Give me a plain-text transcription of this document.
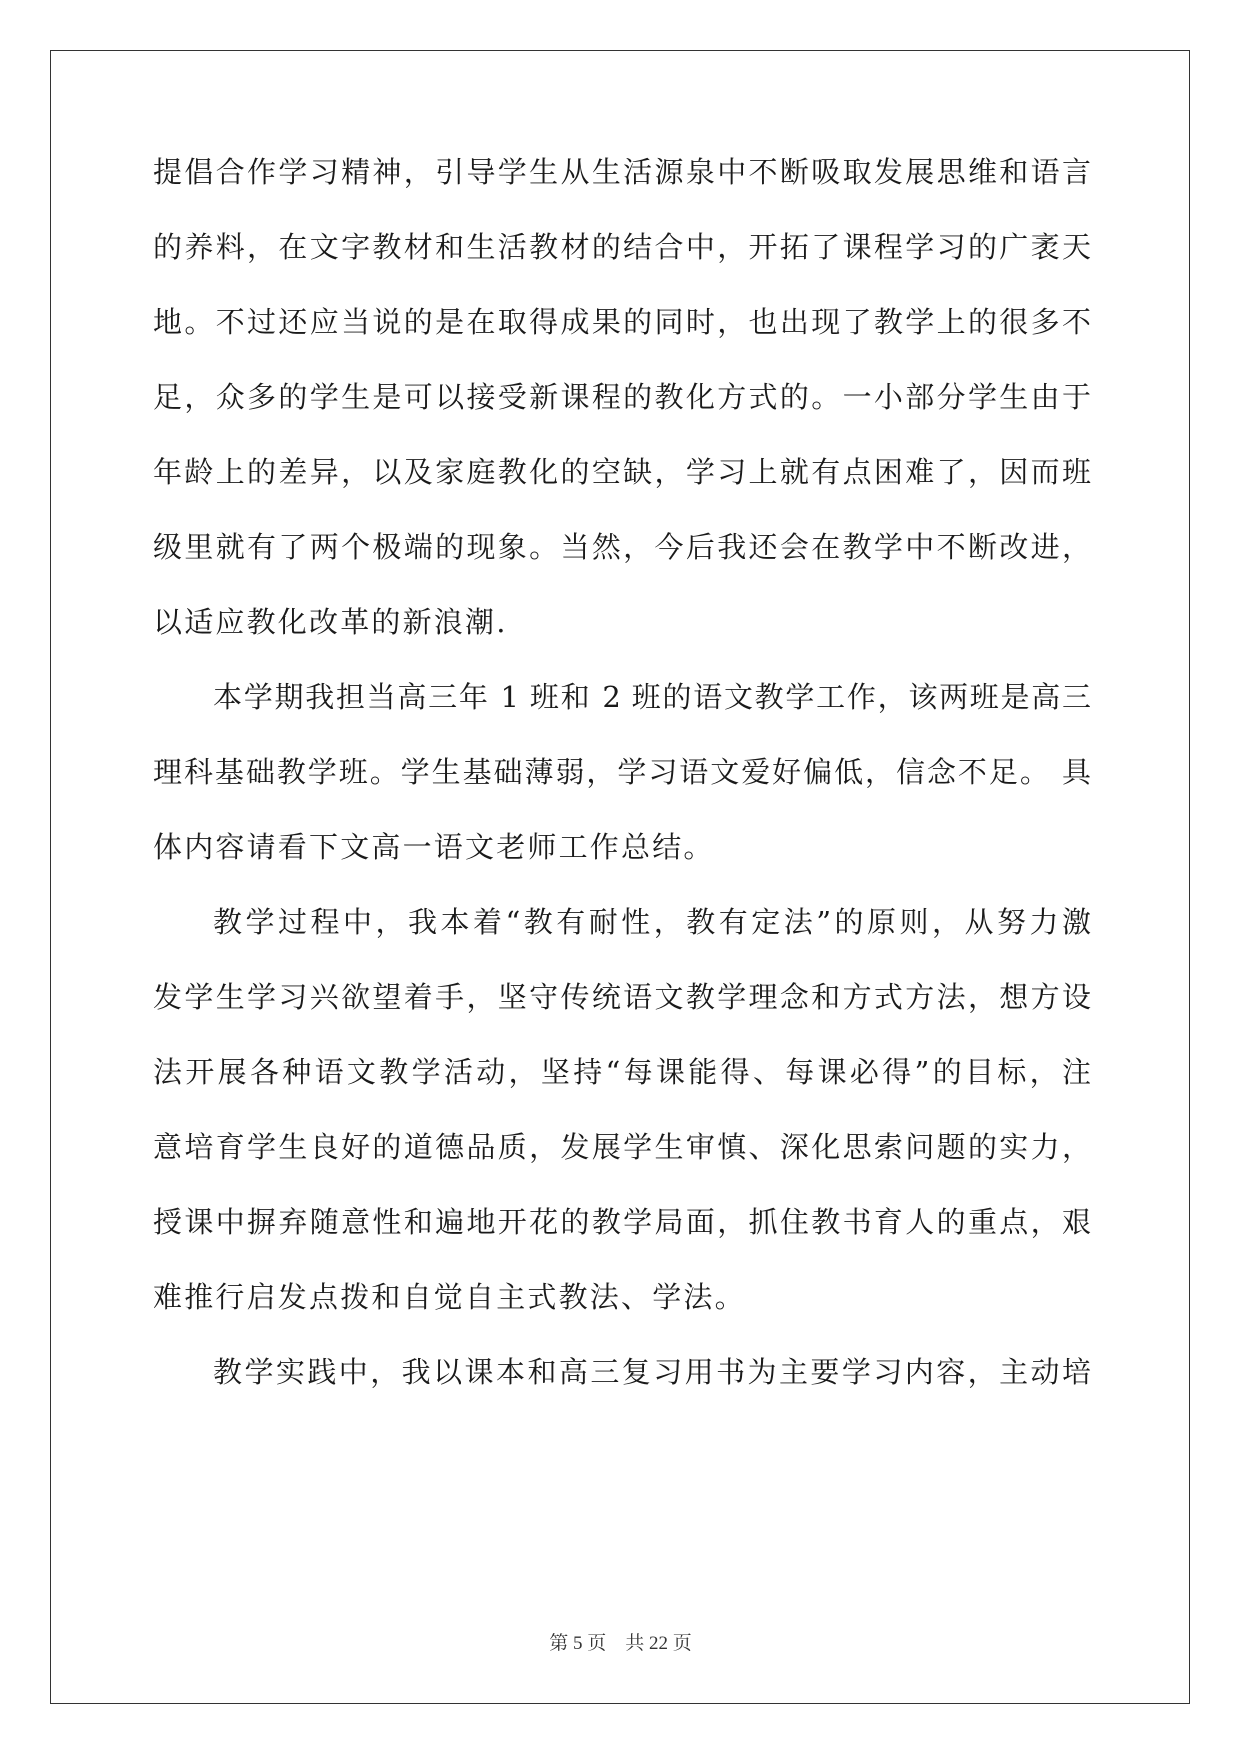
提倡合作学习精神，引导学生从生活源泉中不断吸取发展思维和语言
的养料，在文字教材和生活教材的结合中，开拓了课程学习的广袤天
地。不过还应当说的是在取得成果的同时，也出现了教学上的很多不
足，众多的学生是可以接受新课程的教化方式的。一小部分学生由于
年龄上的差异，以及家庭教化的空缺，学习上就有点困难了，因而班
级里就有了两个极端的现象。当然，今后我还会在教学中不断改进，
以适应教化改革的新浪潮.
本学期我担当高三年 1 班和 2 班的语文教学工作，该两班是高三
理科基础教学班。学生基础薄弱，学习语文爱好偏低，信念不足。 具
体内容请看下文高一语文老师工作总结。
教学过程中，我本着“教有耐性，教有定法”的原则，从努力激
发学生学习兴欲望着手，坚守传统语文教学理念和方式方法，想方设
法开展各种语文教学活动，坚持“每课能得、每课必得”的目标，注
意培育学生良好的道德品质，发展学生审慎、深化思索问题的实力，
授课中摒弃随意性和遍地开花的教学局面，抓住教书育人的重点，艰
难推行启发点拨和自觉自主式教法、学法。
教学实践中，我以课本和高三复习用书为主要学习内容，主动培
第 5 页　共 22 页
